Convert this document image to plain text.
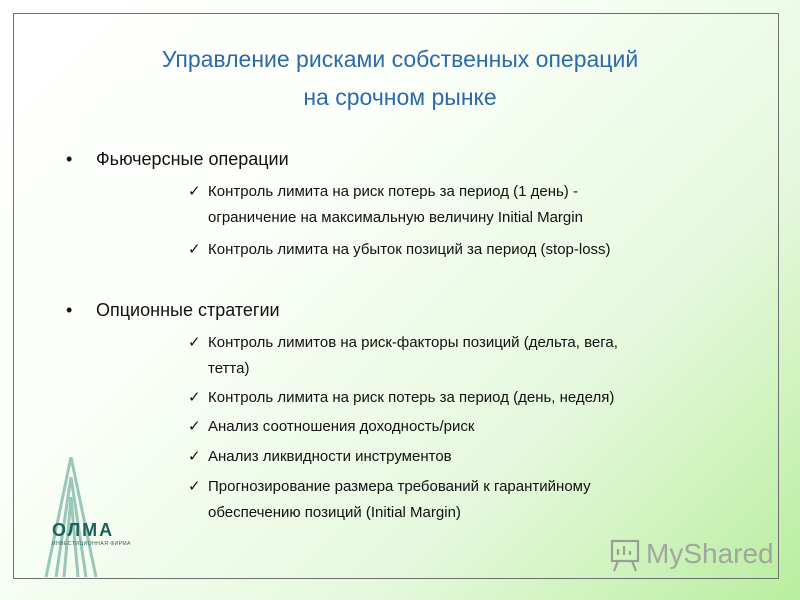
Управление рисками собственных операций
на срочном рынке
• Фьючерсные операции
✓ Контроль лимита на риск потерь за период (1 день) -
ограничение на максимальную величину Initial Margin
✓ Контроль лимита на убыток позиций за период (stop-loss)
• Опционные стратегии
✓ Контроль лимитов на риск-факторы позиций (дельта, вега,
тетта)
✓ Контроль лимита на риск потерь за период (день, неделя)
✓ Анализ соотношения доходность/риск
✓ Анализ ликвидности инструментов
✓ Прогнозирование размера требований к гарантийному
обеспечению позиций (Initial Margin)
ОЛМА
ИНВЕСТИЦИОННАЯ ФИРМА	MyShared
